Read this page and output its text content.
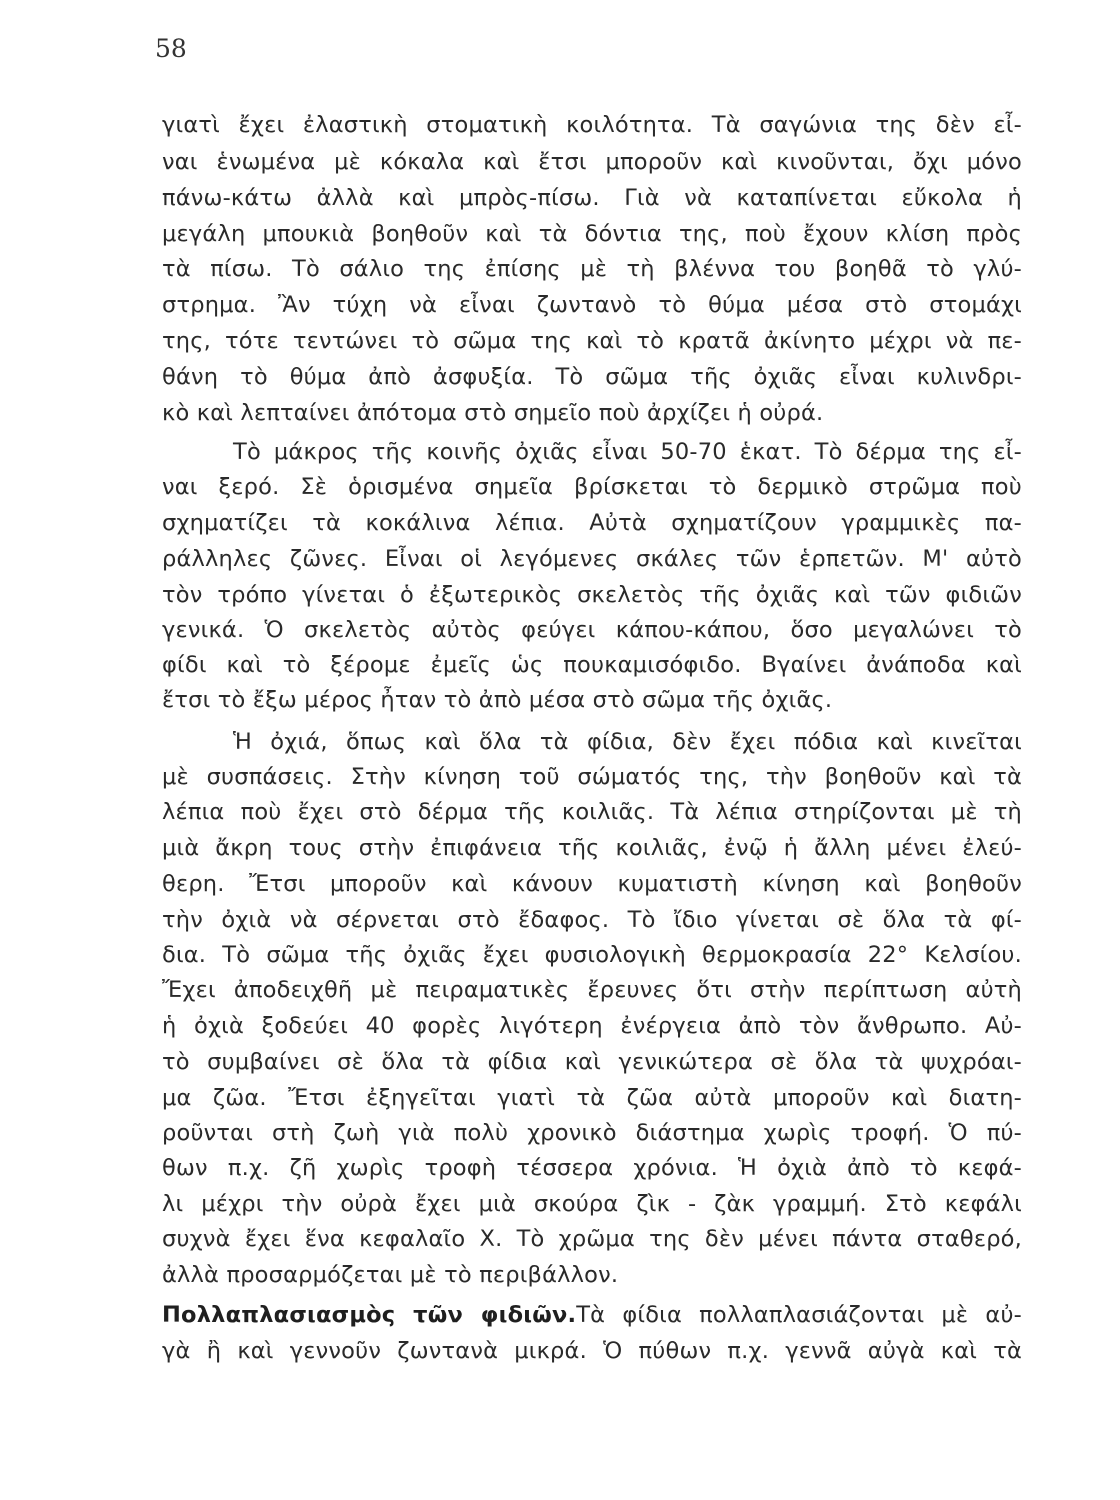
58
γιατὶ ἔχει ἐλαστικὴ στοματικὴ κοιλότητα. Τὰ σαγώνια της δὲν εἶ-
ναι ἑνωμένα μὲ κόκαλα καὶ ἔτσι μποροῦν καὶ κινοῦνται, ὄχι μόνο
πάνω-κάτω ἀλλὰ καὶ μπρὸς-πίσω. Γιὰ νὰ καταπίνεται εὔκολα ἡ
μεγάλη μπουκιὰ βοηθοῦν καὶ τὰ δόντια της, ποὺ ἔχουν κλίση πρὸς
τὰ πίσω. Τὸ σάλιο της ἐπίσης μὲ τὴ βλέννα του βοηθᾶ τὸ γλύ-
στρημα. Ἂν τύχη νὰ εἶναι ζωντανὸ τὸ θύμα μέσα στὸ στομάχι
της, τότε τεντώνει τὸ σῶμα της καὶ τὸ κρατᾶ ἀκίνητο μέχρι νὰ πε-
θάνη τὸ θύμα ἀπὸ ἀσφυξία. Τὸ σῶμα τῆς ὀχιᾶς εἶναι κυλινδρι-
κὸ καὶ λεπταίνει ἀπότομα στὸ σημεῖο ποὺ ἀρχίζει ἡ οὐρά.
Τὸ μάκρος τῆς κοινῆς ὀχιᾶς εἶναι 50-70 ἑκατ. Τὸ δέρμα της εἶ-
ναι ξερό. Σὲ ὁρισμένα σημεῖα βρίσκεται τὸ δερμικὸ στρῶμα ποὺ
σχηματίζει τὰ κοκάλινα λέπια. Αὐτὰ σχηματίζουν γραμμικὲς πα-
ράλληλες ζῶνες. Εἶναι οἱ λεγόμενες σκάλες τῶν ἑρπετῶν. Μ' αὐτὸ
τὸν τρόπο γίνεται ὁ ἐξωτερικὸς σκελετὸς τῆς ὀχιᾶς καὶ τῶν φιδιῶν
γενικά. Ὁ σκελετὸς αὐτὸς φεύγει κάπου-κάπου, ὅσο μεγαλώνει τὸ
φίδι καὶ τὸ ξέρομε ἐμεῖς ὡς πουκαμισόφιδο. Βγαίνει ἀνάποδα καὶ
ἔτσι τὸ ἔξω μέρος ἦταν τὸ ἀπὸ μέσα στὸ σῶμα τῆς ὀχιᾶς.
Ἡ ὀχιά, ὅπως καὶ ὅλα τὰ φίδια, δὲν ἔχει πόδια καὶ κινεῖται
μὲ συσπάσεις. Στὴν κίνηση τοῦ σώματός της, τὴν βοηθοῦν καὶ τὰ
λέπια ποὺ ἔχει στὸ δέρμα τῆς κοιλιᾶς. Τὰ λέπια στηρίζονται μὲ τὴ
μιὰ ἄκρη τους στὴν ἐπιφάνεια τῆς κοιλιᾶς, ἐνῷ ἡ ἄλλη μένει ἐλεύ-
θερη. Ἔτσι μποροῦν καὶ κάνουν κυματιστὴ κίνηση καὶ βοηθοῦν
τὴν ὀχιὰ νὰ σέρνεται στὸ ἔδαφος. Τὸ ἴδιο γίνεται σὲ ὅλα τὰ φί-
δια. Τὸ σῶμα τῆς ὀχιᾶς ἔχει φυσιολογικὴ θερμοκρασία 22° Κελσίου.
Ἔχει ἀποδειχθῆ μὲ πειραματικὲς ἔρευνες ὅτι στὴν περίπτωση αὐτὴ
ἡ ὀχιὰ ξοδεύει 40 φορὲς λιγότερη ἐνέργεια ἀπὸ τὸν ἄνθρωπο. Αὐ-
τὸ συμβαίνει σὲ ὅλα τὰ φίδια καὶ γενικώτερα σὲ ὅλα τὰ ψυχρόαι-
μα ζῶα. Ἔτσι ἐξηγεῖται γιατὶ τὰ ζῶα αὐτὰ μποροῦν καὶ διατη-
ροῦνται στὴ ζωὴ γιὰ πολὺ χρονικὸ διάστημα χωρὶς τροφή. Ὁ πύ-
θων π.χ. ζῆ χωρὶς τροφὴ τέσσερα χρόνια. Ἡ ὀχιὰ ἀπὸ τὸ κεφά-
λι μέχρι τὴν οὐρὰ ἔχει μιὰ σκούρα ζὶκ - ζὰκ γραμμή. Στὸ κεφάλι
συχνὰ ἔχει ἕνα κεφαλαῖο Χ. Τὸ χρῶμα της δὲν μένει πάντα σταθερό,
ἀλλὰ προσαρμόζεται μὲ τὸ περιβάλλον.
Πολλαπλασιασμὸς τῶν φιδιῶν.Τὰ φίδια πολλαπλασιάζονται μὲ αὐ-
γὰ ἢ καὶ γεννοῦν ζωντανὰ μικρά. Ὁ πύθων π.χ. γεννᾶ αὐγὰ καὶ τὰ
